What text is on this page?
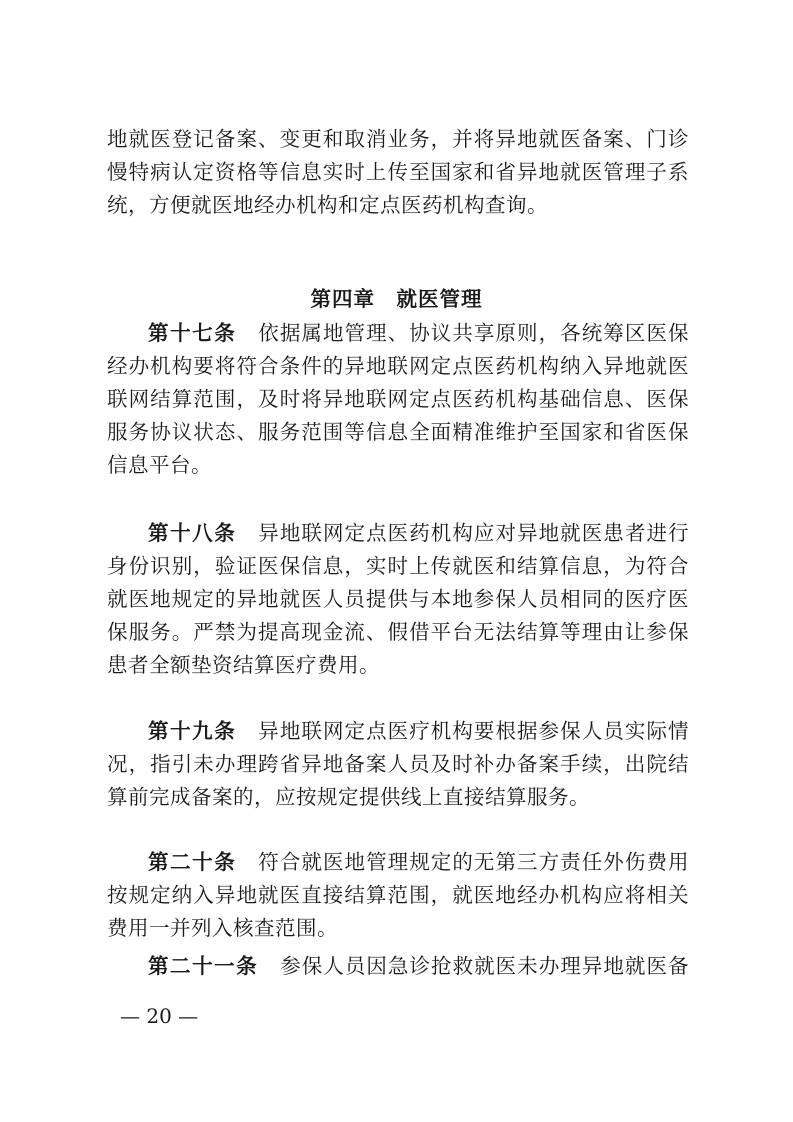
地就医登记备案、变更和取消业务，并将异地就医备案、门诊
慢特病认定资格等信息实时上传至国家和省异地就医管理子系
统，方便就医地经办机构和定点医药机构查询。
第四章　就医管理
第十七条 依据属地管理、协议共享原则，各统筹区医保
经办机构要将符合条件的异地联网定点医药机构纳入异地就医
联网结算范围，及时将异地联网定点医药机构基础信息、医保
服务协议状态、服务范围等信息全面精准维护至国家和省医保
信息平台。
第十八条 异地联网定点医药机构应对异地就医患者进行
身份识别，验证医保信息，实时上传就医和结算信息，为符合
就医地规定的异地就医人员提供与本地参保人员相同的医疗医
保服务。严禁为提高现金流、假借平台无法结算等理由让参保
患者全额垫资结算医疗费用。
第十九条 异地联网定点医疗机构要根据参保人员实际情
况，指引未办理跨省异地备案人员及时补办备案手续，出院结
算前完成备案的，应按规定提供线上直接结算服务。
第二十条 符合就医地管理规定的无第三方责任外伤费用
按规定纳入异地就医直接结算范围，就医地经办机构应将相关
费用一并列入核查范围。
第二十一条 参保人员因急诊抢救就医未办理异地就医备
— 20 —
